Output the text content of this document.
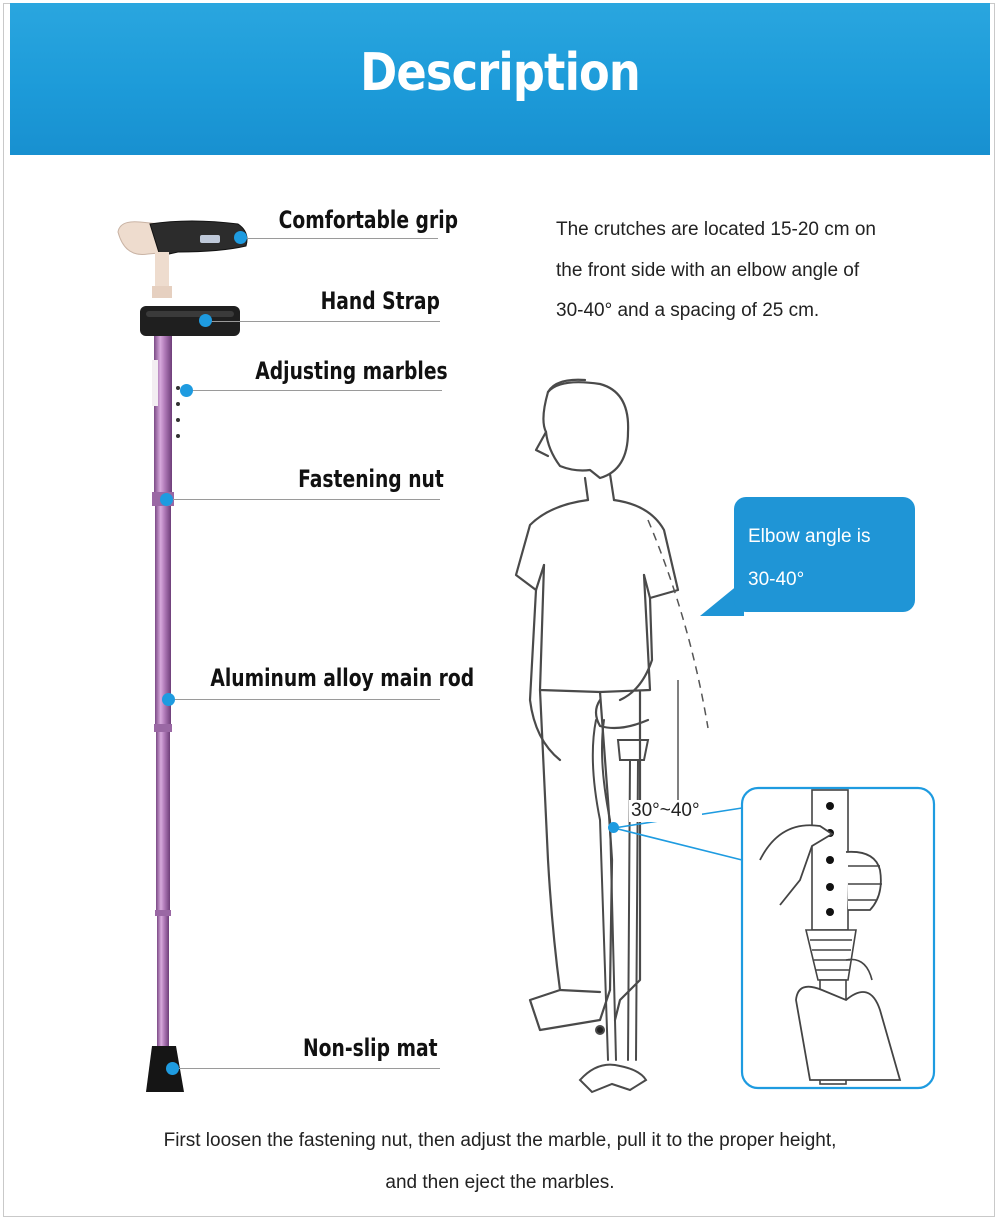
Description
Comfortable grip
Hand Strap
Adjusting marbles
Fastening nut
Aluminum alloy main rod
Non-slip mat
The crutches are located 15-20 cm on
the front side with an elbow angle of
30-40° and a spacing of 25 cm.
Elbow angle is
30-40°
30°~40°
First loosen the fastening nut, then adjust the marble, pull it to the proper height,
and then eject the marbles.
